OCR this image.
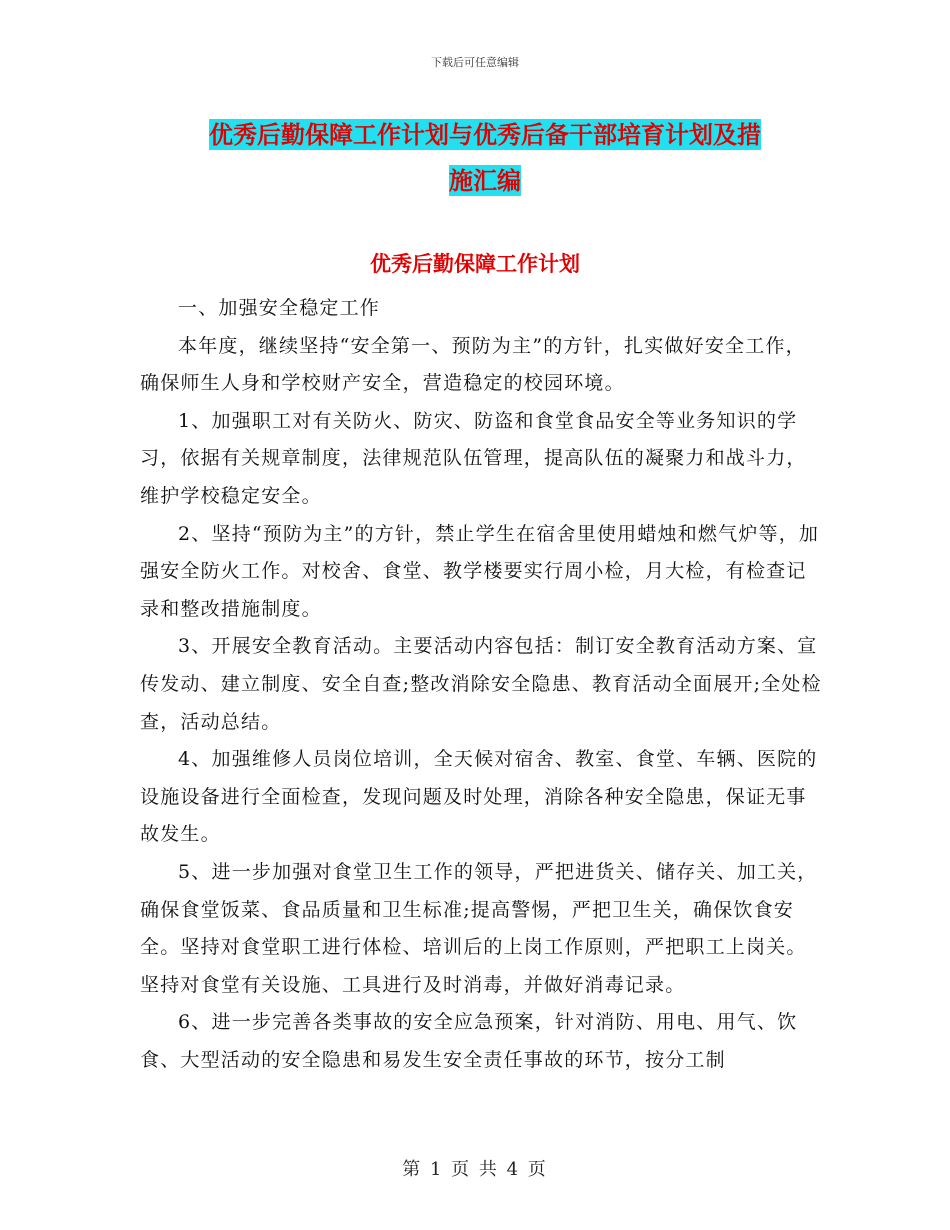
下载后可任意编辑
优秀后勤保障工作计划与优秀后备干部培育计划及措
施汇编
优秀后勤保障工作计划

一、加强安全稳定工作

本年度，继续坚持“安全第一、预防为主”的方针，扎实做好安全工作，确保师生人身和学校财产安全，营造稳定的校园环境。

1、加强职工对有关防火、防灾、防盗和食堂食品安全等业务知识的学习，依据有关规章制度，法律规范队伍管理，提高队伍的凝聚力和战斗力，维护学校稳定安全。

2、坚持“预防为主”的方针，禁止学生在宿舍里使用蜡烛和燃气炉等，加强安全防火工作。对校舍、食堂、教学楼要实行周小检，月大检，有检查记录和整改措施制度。

3、开展安全教育活动。主要活动内容包括：制订安全教育活动方案、宣传发动、建立制度、安全自查;整改消除安全隐患、教育活动全面展开;全处检查，活动总结。

4、加强维修人员岗位培训，全天候对宿舍、教室、食堂、车辆、医院的设施设备进行全面检查，发现问题及时处理，消除各种安全隐患，保证无事故发生。

5、进一步加强对食堂卫生工作的领导，严把进货关、储存关、加工关，确保食堂饭菜、食品质量和卫生标准;提高警惕，严把卫生关，确保饮食安全。坚持对食堂职工进行体检、培训后的上岗工作原则，严把职工上岗关。坚持对食堂有关设施、工具进行及时消毒，并做好消毒记录。

6、进一步完善各类事故的安全应急预案，针对消防、用电、用气、饮食、大型活动的安全隐患和易发生安全责任事故的环节，按分工制

第 1 页 共 4 页
